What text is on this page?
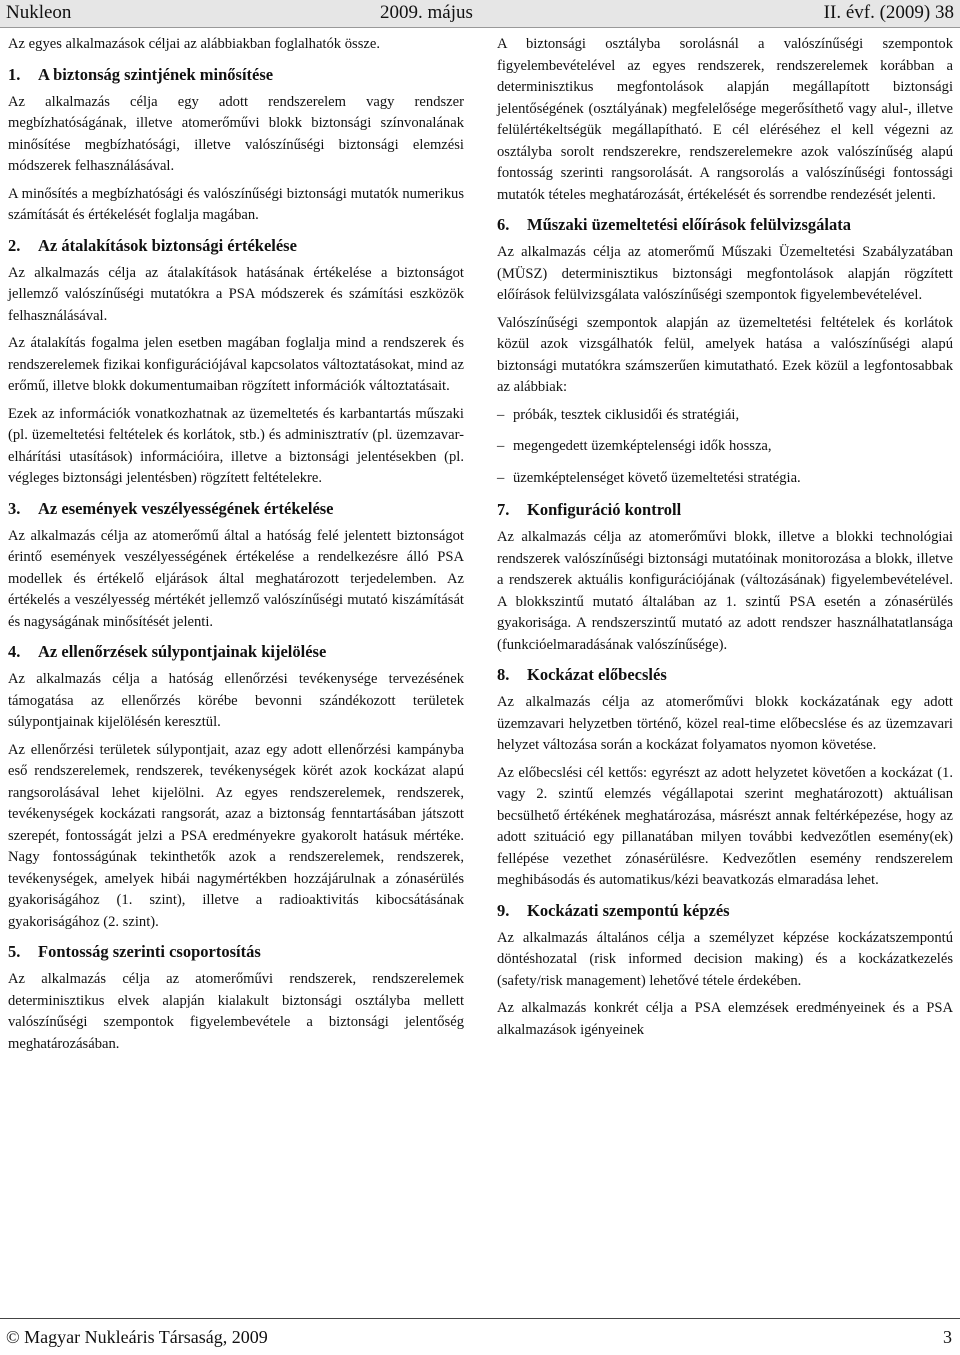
Nukleon	2009. május	II. évf. (2009) 38

Az egyes alkalmazások céljai az alábbiakban foglalhatók össze.

1. A biztonság szintjének minősítése

Az alkalmazás célja egy adott rendszerelem vagy rendszer megbízhatóságának, illetve atomerőművi blokk biztonsági színvonalának minősítése megbízhatósági, illetve valószínűségi biztonsági elemzési módszerek felhasználásával.

A minősítés a megbízhatósági és valószínűségi biztonsági mutatók numerikus számítását és értékelését foglalja magában.

2. Az átalakítások biztonsági értékelése

Az alkalmazás célja az átalakítások hatásának értékelése a biztonságot jellemző valószínűségi mutatókra a PSA módszerek és számítási eszközök felhasználásával.

Az átalakítás fogalma jelen esetben magában foglalja mind a rendszerek és rendszerelemek fizikai konfigurációjával kapcsolatos változtatásokat, mind az erőmű, illetve blokk dokumentumaiban rögzített információk változtatásait.

Ezek az információk vonatkozhatnak az üzemeltetés és karbantartás műszaki (pl. üzemeltetési feltételek és korlátok, stb.) és adminisztratív (pl. üzemzavar-elhárítási utasítások) információira, illetve a biztonsági jelentésekben (pl. végleges biztonsági jelentésben) rögzített feltételekre.

3. Az események veszélyességének értékelése

Az alkalmazás célja az atomerőmű által a hatóság felé jelentett biztonságot érintő események veszélyességének értékelése a rendelkezésre álló PSA modellek és értékelő eljárások által meghatározott terjedelemben. Az értékelés a veszélyesség mértékét jellemző valószínűségi mutató kiszámítását és nagyságának minősítését jelenti.

4. Az ellenőrzések súlypontjainak kijelölése

Az alkalmazás célja a hatóság ellenőrzési tevékenysége tervezésének támogatása az ellenőrzés körébe bevonni szándékozott területek súlypontjainak kijelölésén keresztül.

Az ellenőrzési területek súlypontjait, azaz egy adott ellenőrzési kampányba eső rendszerelemek, rendszerek, tevékenységek körét azok kockázat alapú rangsorolásával lehet kijelölni. Az egyes rendszerelemek, rendszerek, tevékenységek kockázati rangsorát, azaz a biztonság fenntartásában játszott szerepét, fontosságát jelzi a PSA eredményekre gyakorolt hatásuk mértéke. Nagy fontosságúnak tekinthetők azok a rendszerelemek, rendszerek, tevékenységek, amelyek hibái nagymértékben hozzájárulnak a zónasérülés gyakoriságához (1. szint), illetve a radioaktivitás kibocsátásának gyakoriságához (2. szint).

5. Fontosság szerinti csoportosítás

Az alkalmazás célja az atomerőművi rendszerek, rendszerelemek determinisztikus elvek alapján kialakult biztonsági osztályba mellett valószínűségi szempontok figyelembevétele a biztonsági jelentőség meghatározásában.

A biztonsági osztályba sorolásnál a valószínűségi szempontok figyelembevételével az egyes rendszerek, rendszerelemek korábban a determinisztikus megfontolások alapján megállapított biztonsági jelentőségének (osztályának) megfelelősége megerősíthető vagy alul-, illetve felülértékeltségük megállapítható. E cél eléréséhez el kell végezni az osztályba sorolt rendszerekre, rendszerelemekre azok valószínűség alapú fontosság szerinti rangsorolását. A rangsorolás a valószínűségi fontossági mutatók tételes meghatározását, értékelését és sorrendbe rendezését jelenti.

6. Műszaki üzemeltetési előírások felülvizsgálata

Az alkalmazás célja az atomerőmű Műszaki Üzemeltetési Szabályzatában (MÜSZ) determinisztikus biztonsági megfontolások alapján rögzített előírások felülvizsgálata valószínűségi szempontok figyelembevételével.

Valószínűségi szempontok alapján az üzemeltetési feltételek és korlátok közül azok vizsgálhatók felül, amelyek hatása a valószínűségi alapú biztonsági mutatókra számszerűen kimutatható. Ezek közül a legfontosabbak az alábbiak:

– próbák, tesztek ciklusidői és stratégiái,
– megengedett üzemképtelenségi idők hossza,
– üzemképtelenséget követő üzemeltetési stratégia.
7. Konfiguráció kontroll

Az alkalmazás célja az atomerőművi blokk, illetve a blokki technológiai rendszerek valószínűségi biztonsági mutatóinak monitorozása a blokk, illetve a rendszerek aktuális konfigurációjának (változásának) figyelembevételével. A blokkszintű mutató általában az 1. szintű PSA esetén a zónasérülés gyakorisága. A rendszerszintű mutató az adott rendszer használhatatlansága (funkcióelmaradásának valószínűsége).

8. Kockázat előbecslés

Az alkalmazás célja az atomerőművi blokk kockázatának egy adott üzemzavari helyzetben történő, közel real-time előbecslése és az üzemzavari helyzet változása során a kockázat folyamatos nyomon követése.

Az előbecslési cél kettős: egyrészt az adott helyzetet követően a kockázat (1. vagy 2. szintű elemzés végállapotai szerint meghatározott) aktuálisan becsülhető értékének meghatározása, másrészt annak feltérképezése, hogy az adott szituáció egy pillanatában milyen további kedvezőtlen esemény(ek) fellépése vezethet zónasérülésre. Kedvezőtlen esemény rendszerelem meghibásodás és automatikus/kézi beavatkozás elmaradása lehet.

9. Kockázati szempontú képzés

Az alkalmazás általános célja a személyzet képzése kockázatszempontú döntéshozatal (risk informed decision making) és a kockázatkezelés (safety/risk management) lehetővé tétele érdekében.

Az alkalmazás konkrét célja a PSA elemzések eredményeinek és a PSA alkalmazások igényeinek

© Magyar Nukleáris Társaság, 2009	3
